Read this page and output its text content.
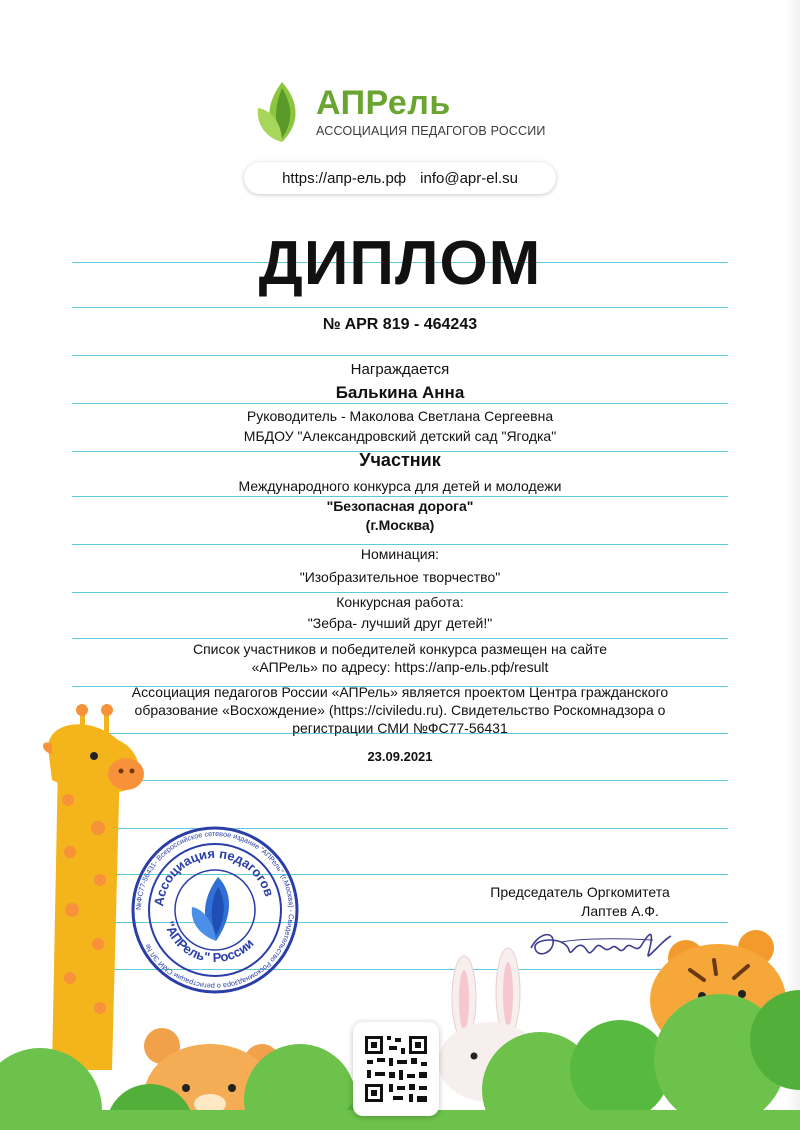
АПРель
АССОЦИАЦИЯ ПЕДАГОГОВ РОССИИ
https://апр-ель.рф info@apr-el.su
ДИПЛОМ
№ APR 819 - 464243
Награждается
Балькина Анна
Руководитель - Маколова Светлана Сергеевна
МБДОУ "Александровский детский сад "Ягодка"
Участник
Международного конкурса для детей и молодежи
"Безопасная дорога"
(г.Москва)
Номинация:
"Изобразительное творчество"
Конкурсная работа:
"Зебра- лучший друг детей!"
Список участников и победителей конкурса размещен на сайте
«АПРель» по адресу: https://апр-ель.рф/result
Ассоциация педагогов России «АПРель» является проектом Центра гражданского
образование «Восхождение» (https://civiledu.ru). Свидетельство Роскомнадзора о
регистрации СМИ №ФС77-56431
23.09.2021
Председатель Оргкомитета
Лаптев А.Ф.
№ФС77-56431- Всероссийское сетевое издание "АПРель" (г.Москва) - Свидетельство Роскомнадзора о регистрации СМИ ЭЛ №
Ассоциация педагогов
"АПРель" России
